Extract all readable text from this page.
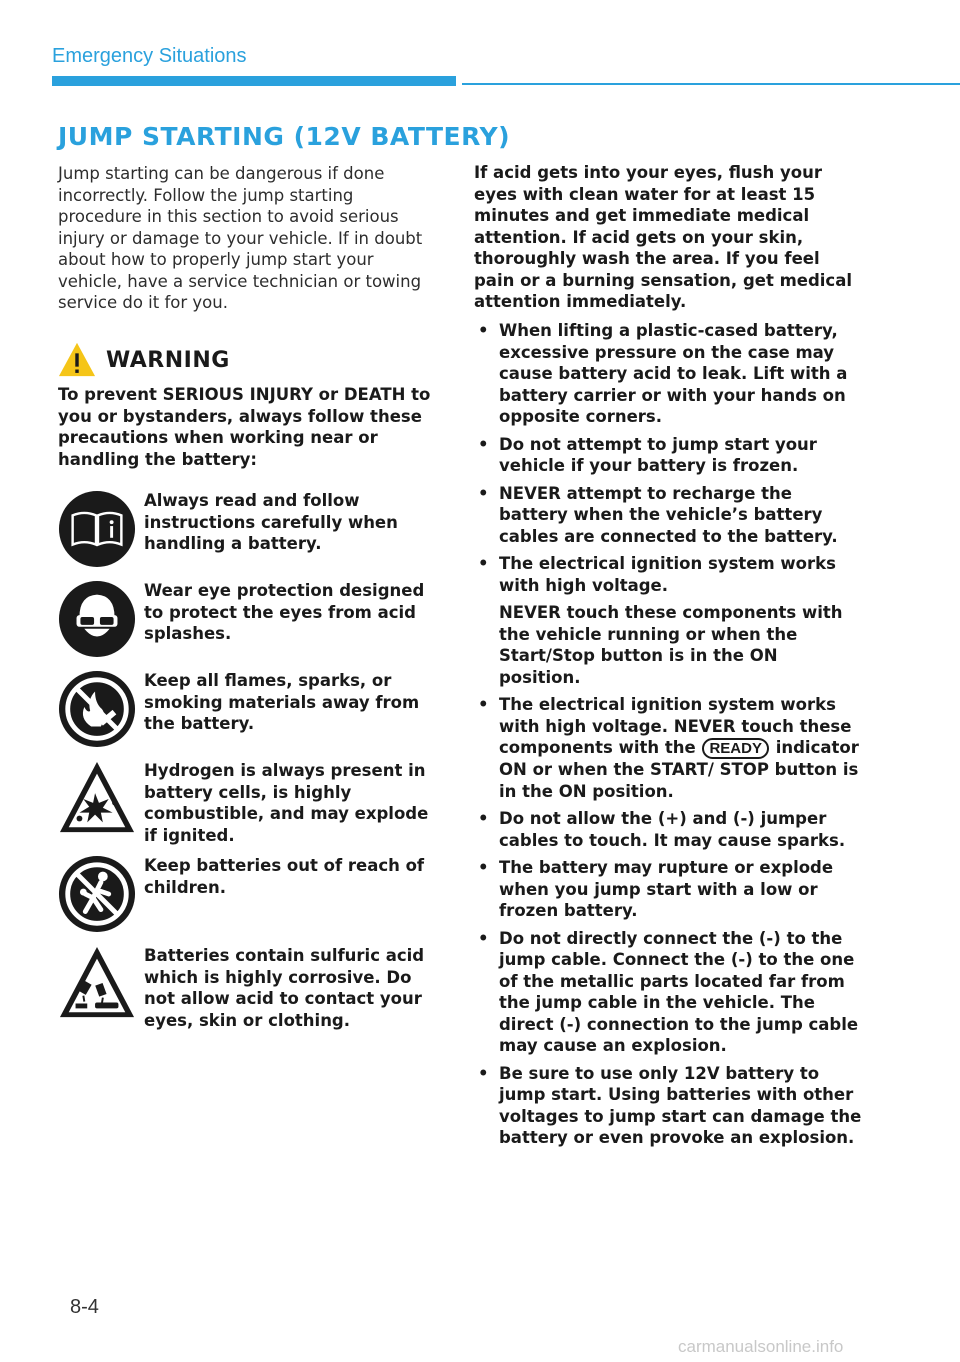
Emergency Situations
JUMP STARTING (12V BATTERY)
Jump starting can be dangerous if done incorrectly. Follow the jump starting procedure in this section to avoid serious injury or damage to your vehicle. If in doubt about how to properly jump start your vehicle, have a service technician or towing service do it for you.
WARNING
To prevent SERIOUS INJURY or DEATH to you or bystanders, always follow these precautions when working near or handling the battery:
Always read and follow instructions carefully when handling a battery.
Wear eye protection designed to protect the eyes from acid splashes.
Keep all flames, sparks, or smoking materials away from the battery.
Hydrogen is always present in battery cells, is highly combustible, and may explode if ignited.
Keep batteries out of reach of children.
Batteries contain sulfuric acid which is highly corrosive. Do not allow acid to contact your eyes, skin or clothing.
If acid gets into your eyes, flush your eyes with clean water for at least 15 minutes and get immediate medical attention. If acid gets on your skin, thoroughly wash the area. If you feel pain or a burning sensation, get medical attention immediately.
• When lifting a plastic-cased battery, excessive pressure on the case may cause battery acid to leak. Lift with a battery carrier or with your hands on opposite corners.
• Do not attempt to jump start your vehicle if your battery is frozen.
• NEVER attempt to recharge the battery when the vehicle’s battery cables are connected to the battery.
• The electrical ignition system works with high voltage.
NEVER touch these components with the vehicle running or when the Start/Stop button is in the ON position.
• The electrical ignition system works with high voltage. NEVER touch these components with the READY indicator ON or when the START/ STOP button is in the ON position.
• Do not allow the (+) and (-) jumper cables to touch. It may cause sparks.
• The battery may rupture or explode when you jump start with a low or frozen battery.
• Do not directly connect the (-) to the jump cable. Connect the (-) to the one of the metallic parts located far from the jump cable in the vehicle. The direct (-) connection to the jump cable may cause an explosion.
• Be sure to use only 12V battery to jump start. Using batteries with other voltages to jump start can damage the battery or even provoke an explosion.
8-4
carmanualsonline.info
